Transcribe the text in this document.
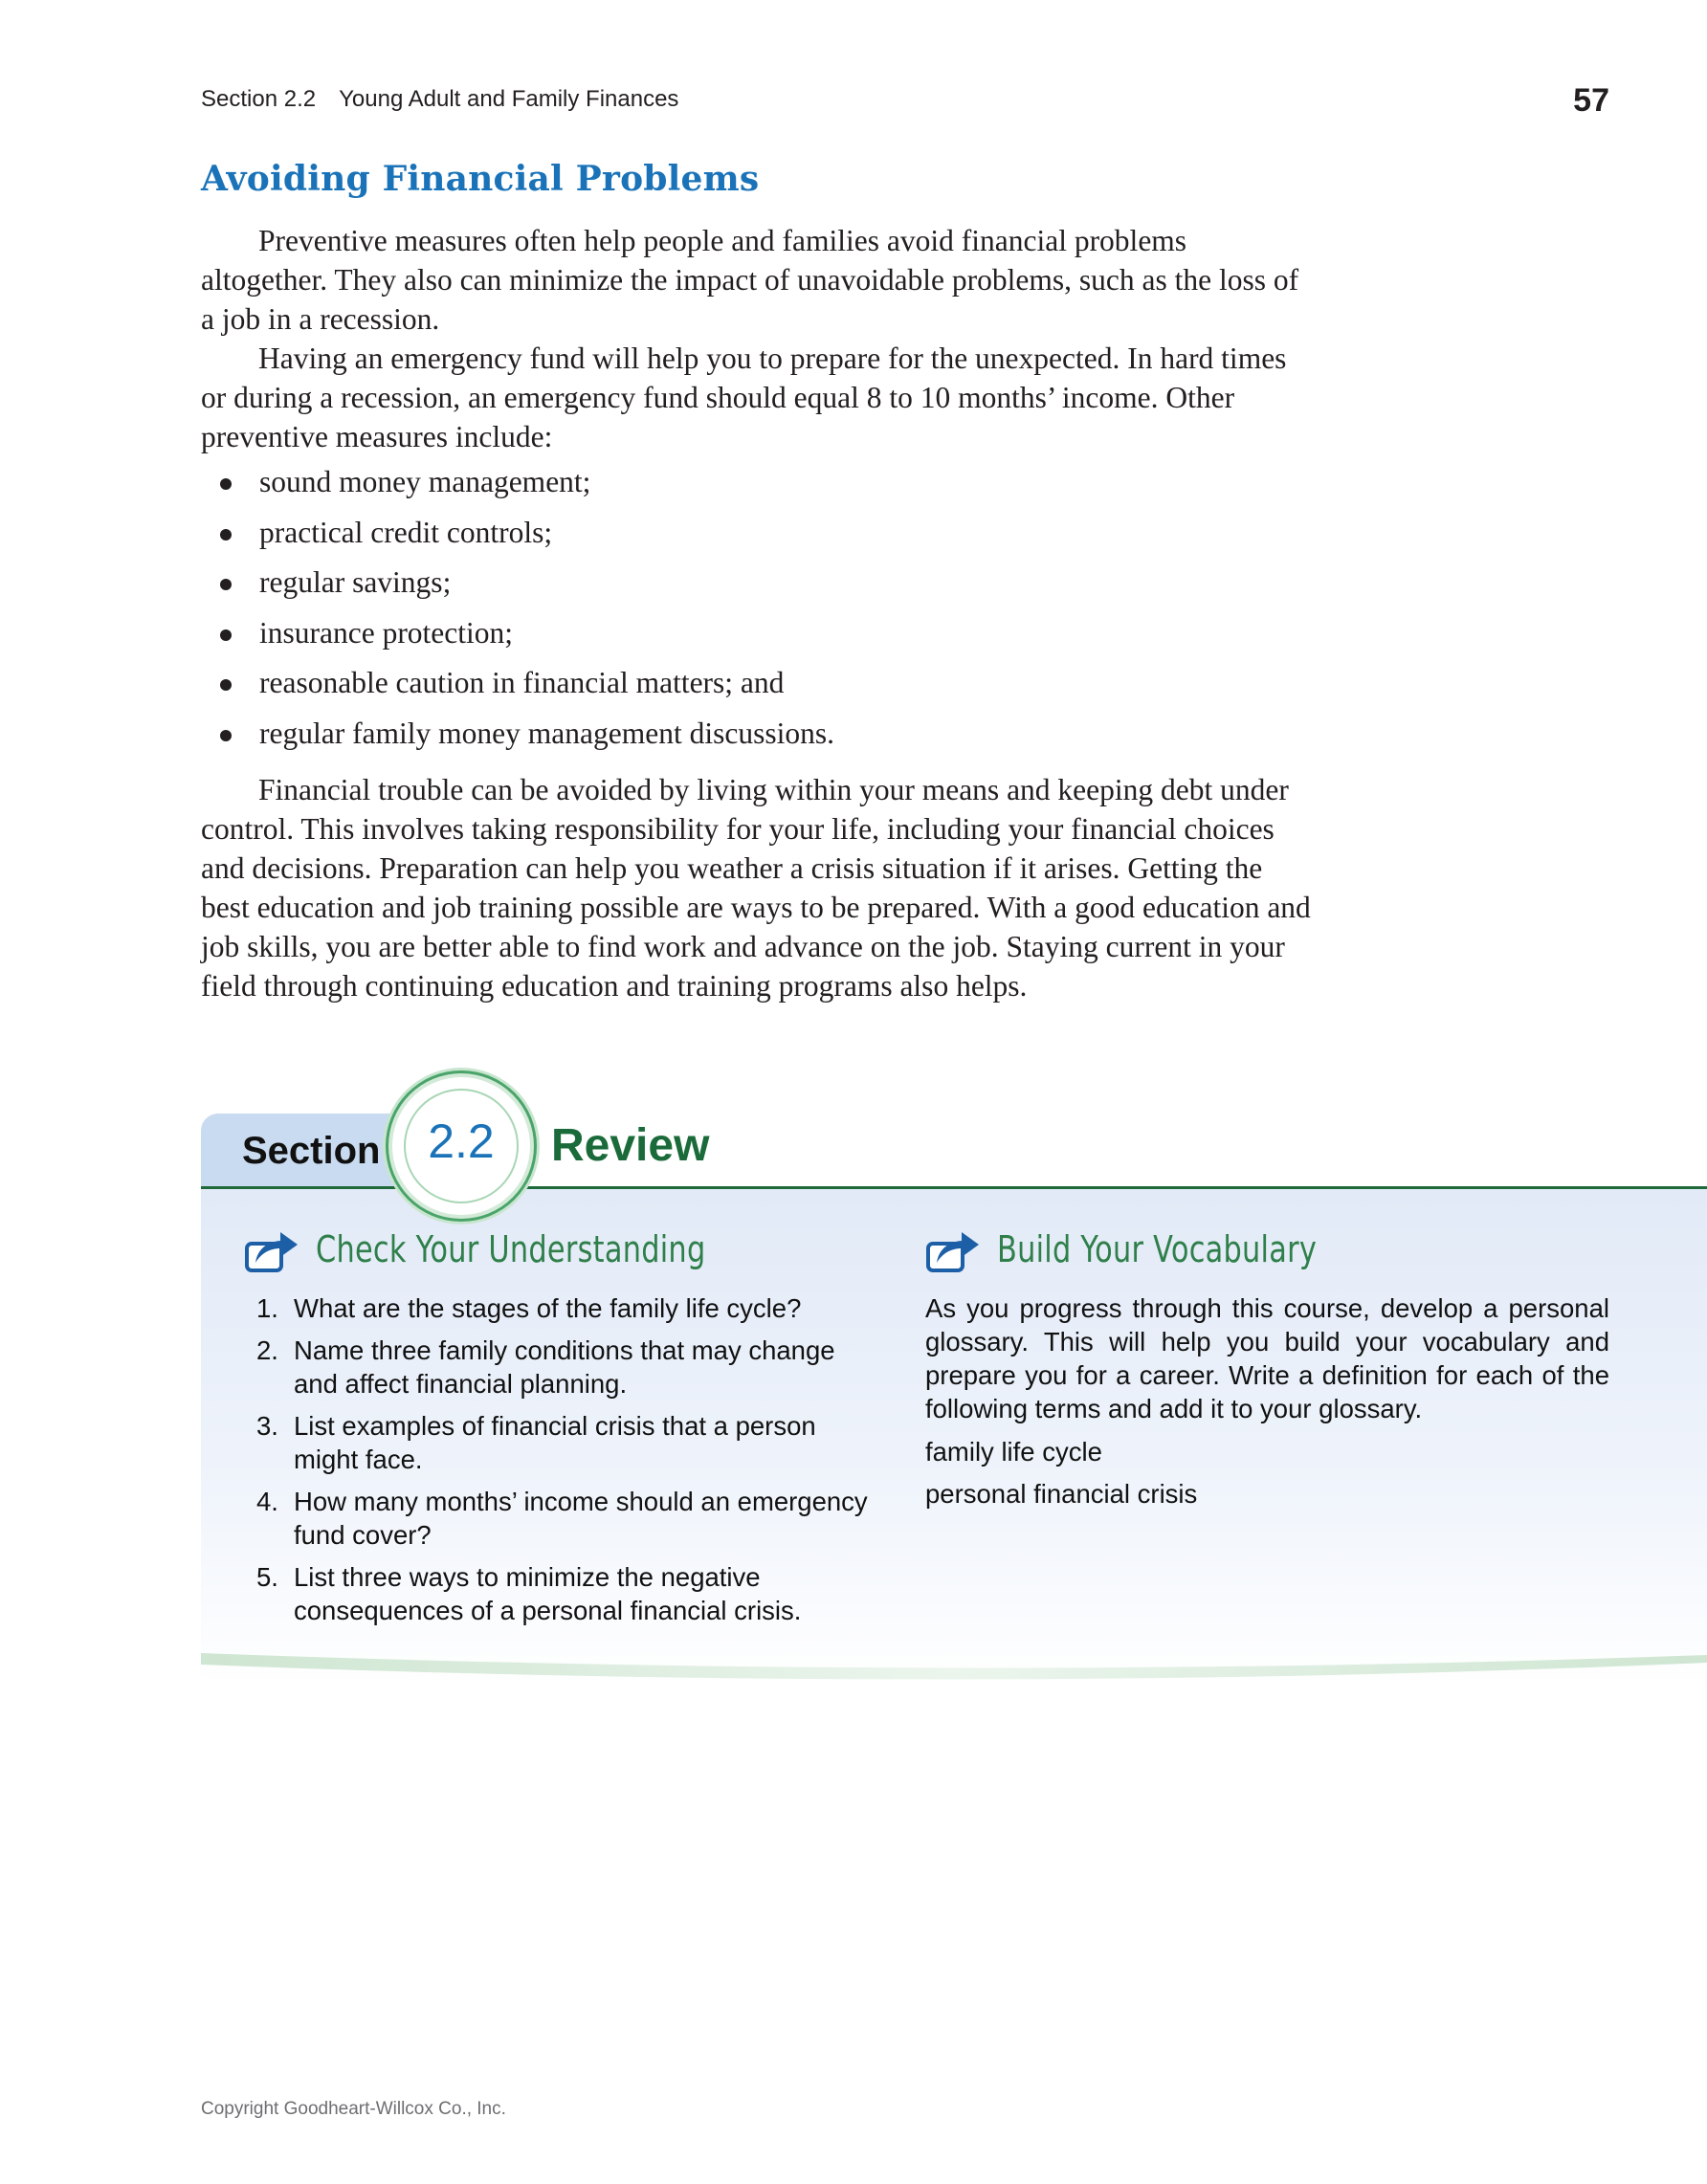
Section 2.2 Young Adult and Family Finances	57
Avoiding Financial Problems

Preventive measures often help people and families avoid financial problems altogether. They also can minimize the impact of unavoidable problems, such as the loss of a job in a recession.

Having an emergency fund will help you to prepare for the unexpected. In hard times or during a recession, an emergency fund should equal 8 to 10 months’ income. Other preventive measures include:

sound money management;
practical credit controls;
regular savings;
insurance protection;
reasonable caution in financial matters; and
regular family money management discussions.

Financial trouble can be avoided by living within your means and keeping debt under control. This involves taking responsibility for your life, including your financial choices and decisions. Preparation can help you weather a crisis situation if it arises. Getting the best education and job training possible are ways to be prepared. With a good education and job skills, you are better able to find work and advance on the job. Staying current in your field through continuing education and training programs also helps.

Section 2.2	Review
Check Your Understanding	Build Your Vocabulary
1. What are the stages of the family life cycle?
2. Name three family conditions that may change and affect financial planning.
3. List examples of financial crisis that a person might face.
4. How many months’ income should an emergency fund cover?
5. List three ways to minimize the negative consequences of a personal financial crisis.

As you progress through this course, develop a personal glossary. This will help you build your vocabulary and prepare you for a career. Write a definition for each of the following terms and add it to your glossary.

family life cycle

personal financial crisis

Copyright Goodheart-Willcox Co., Inc.
